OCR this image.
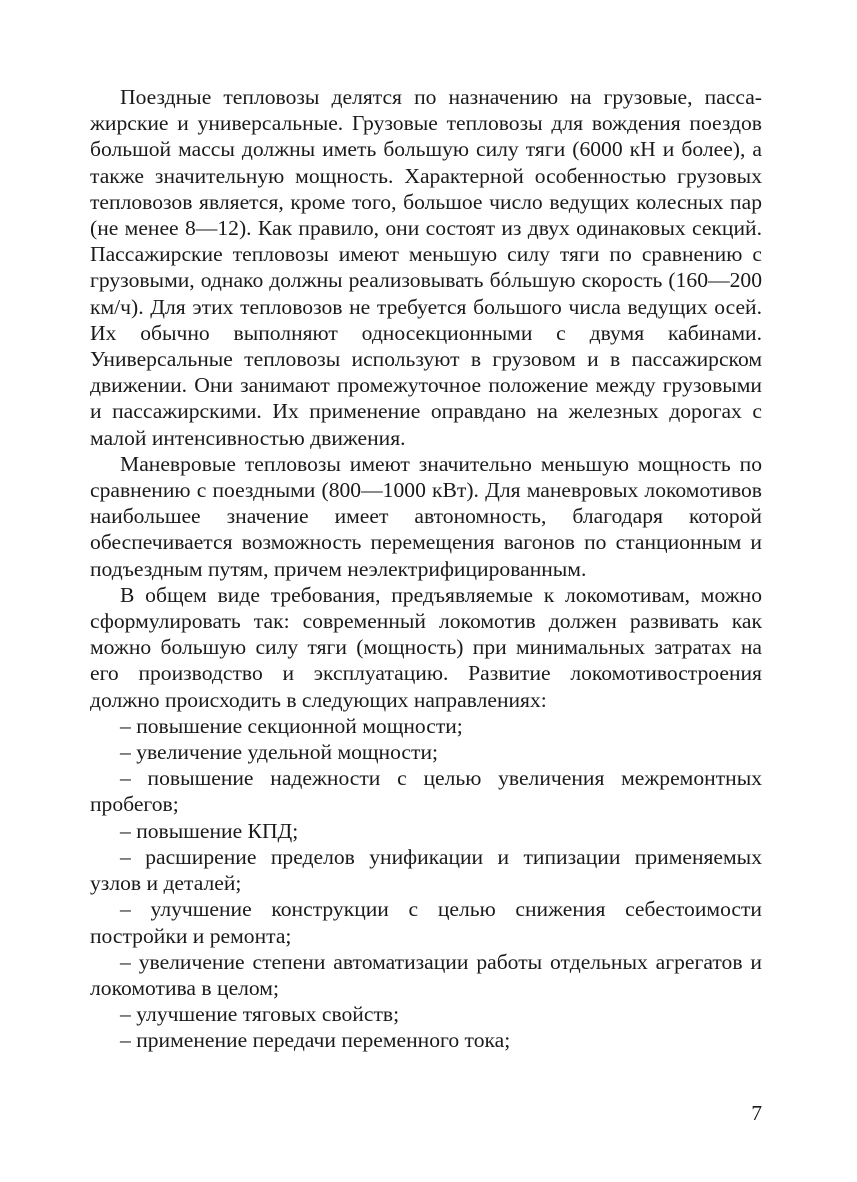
Поездные тепловозы делятся по назначению на грузовые, пассажирские и универсальные. Грузовые тепловозы для вождения поездов большой массы должны иметь большую силу тяги (6000 кН и более), а также значительную мощность. Характерной особенностью грузовых тепловозов является, кроме того, большое число ведущих колесных пар (не менее 8—12). Как правило, они состоят из двух одинаковых секций. Пассажирские тепловозы имеют меньшую силу тяги по сравнению с грузовыми, однако должны реализовывать бóльшую скорость (160—200 км/ч). Для этих тепловозов не требуется большого числа ведущих осей. Их обычно выполняют односекционными с двумя кабинами. Универсальные тепловозы используют в грузовом и в пассажирском движении. Они занимают промежуточное положение между грузовыми и пассажирскими. Их применение оправдано на железных дорогах с малой интенсивностью движения.

Маневровые тепловозы имеют значительно меньшую мощность по сравнению с поездными (800—1000 кВт). Для маневровых локомотивов наибольшее значение имеет автономность, благодаря которой обеспечивается возможность перемещения вагонов по станционным и подъездным путям, причем неэлектрифицированным.

В общем виде требования, предъявляемые к локомотивам, можно сформулировать так: современный локомотив должен развивать как можно большую силу тяги (мощность) при минимальных затратах на его производство и эксплуатацию. Развитие локомотивостроения должно происходить в следующих направлениях:

– повышение секционной мощности;
– увеличение удельной мощности;
– повышение надежности с целью увеличения межремонтных пробегов;
– повышение КПД;
– расширение пределов унификации и типизации применяемых узлов и деталей;
– улучшение конструкции с целью снижения себестоимости постройки и ремонта;
– увеличение степени автоматизации работы отдельных агрегатов и локомотива в целом;
– улучшение тяговых свойств;
– применение передачи переменного тока;
7
